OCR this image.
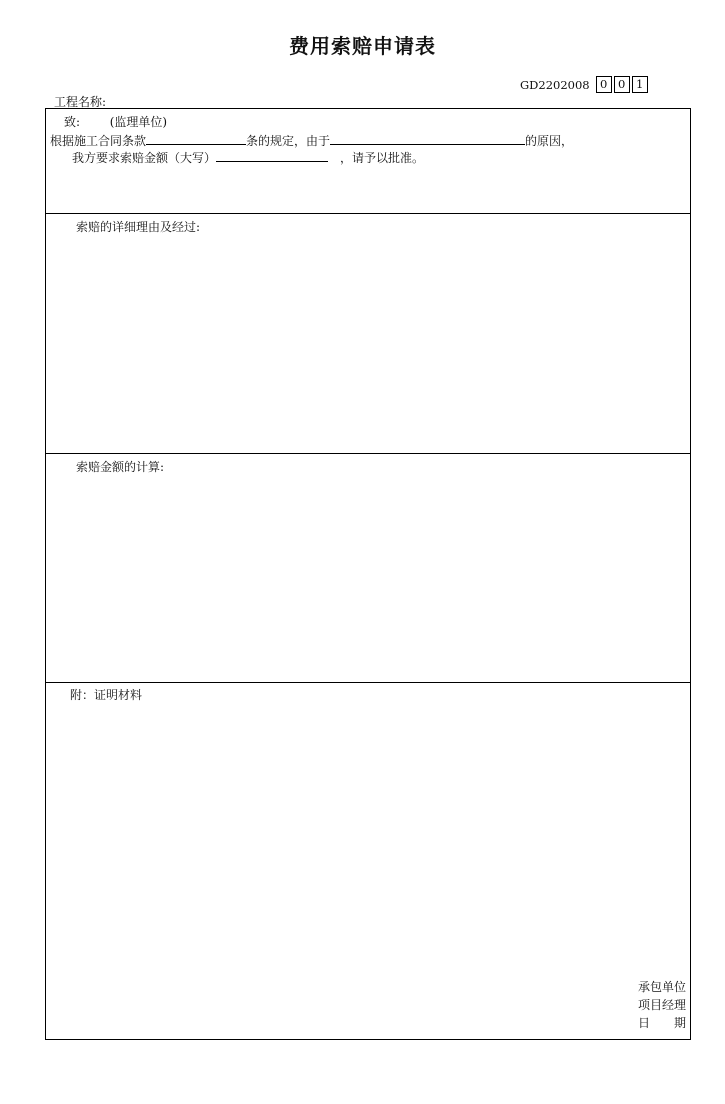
费用索赔申请表
GD2202008 0 0 1
工程名称:
致: (监理单位)
根据施工合同条款	条的规定，由于	的原因，
我方要求索赔金额（大写）	，请予以批准。
索赔的详细理由及经过:
索赔金额的计算:
附：证明材料
承包单位
项目经理
日　　期
